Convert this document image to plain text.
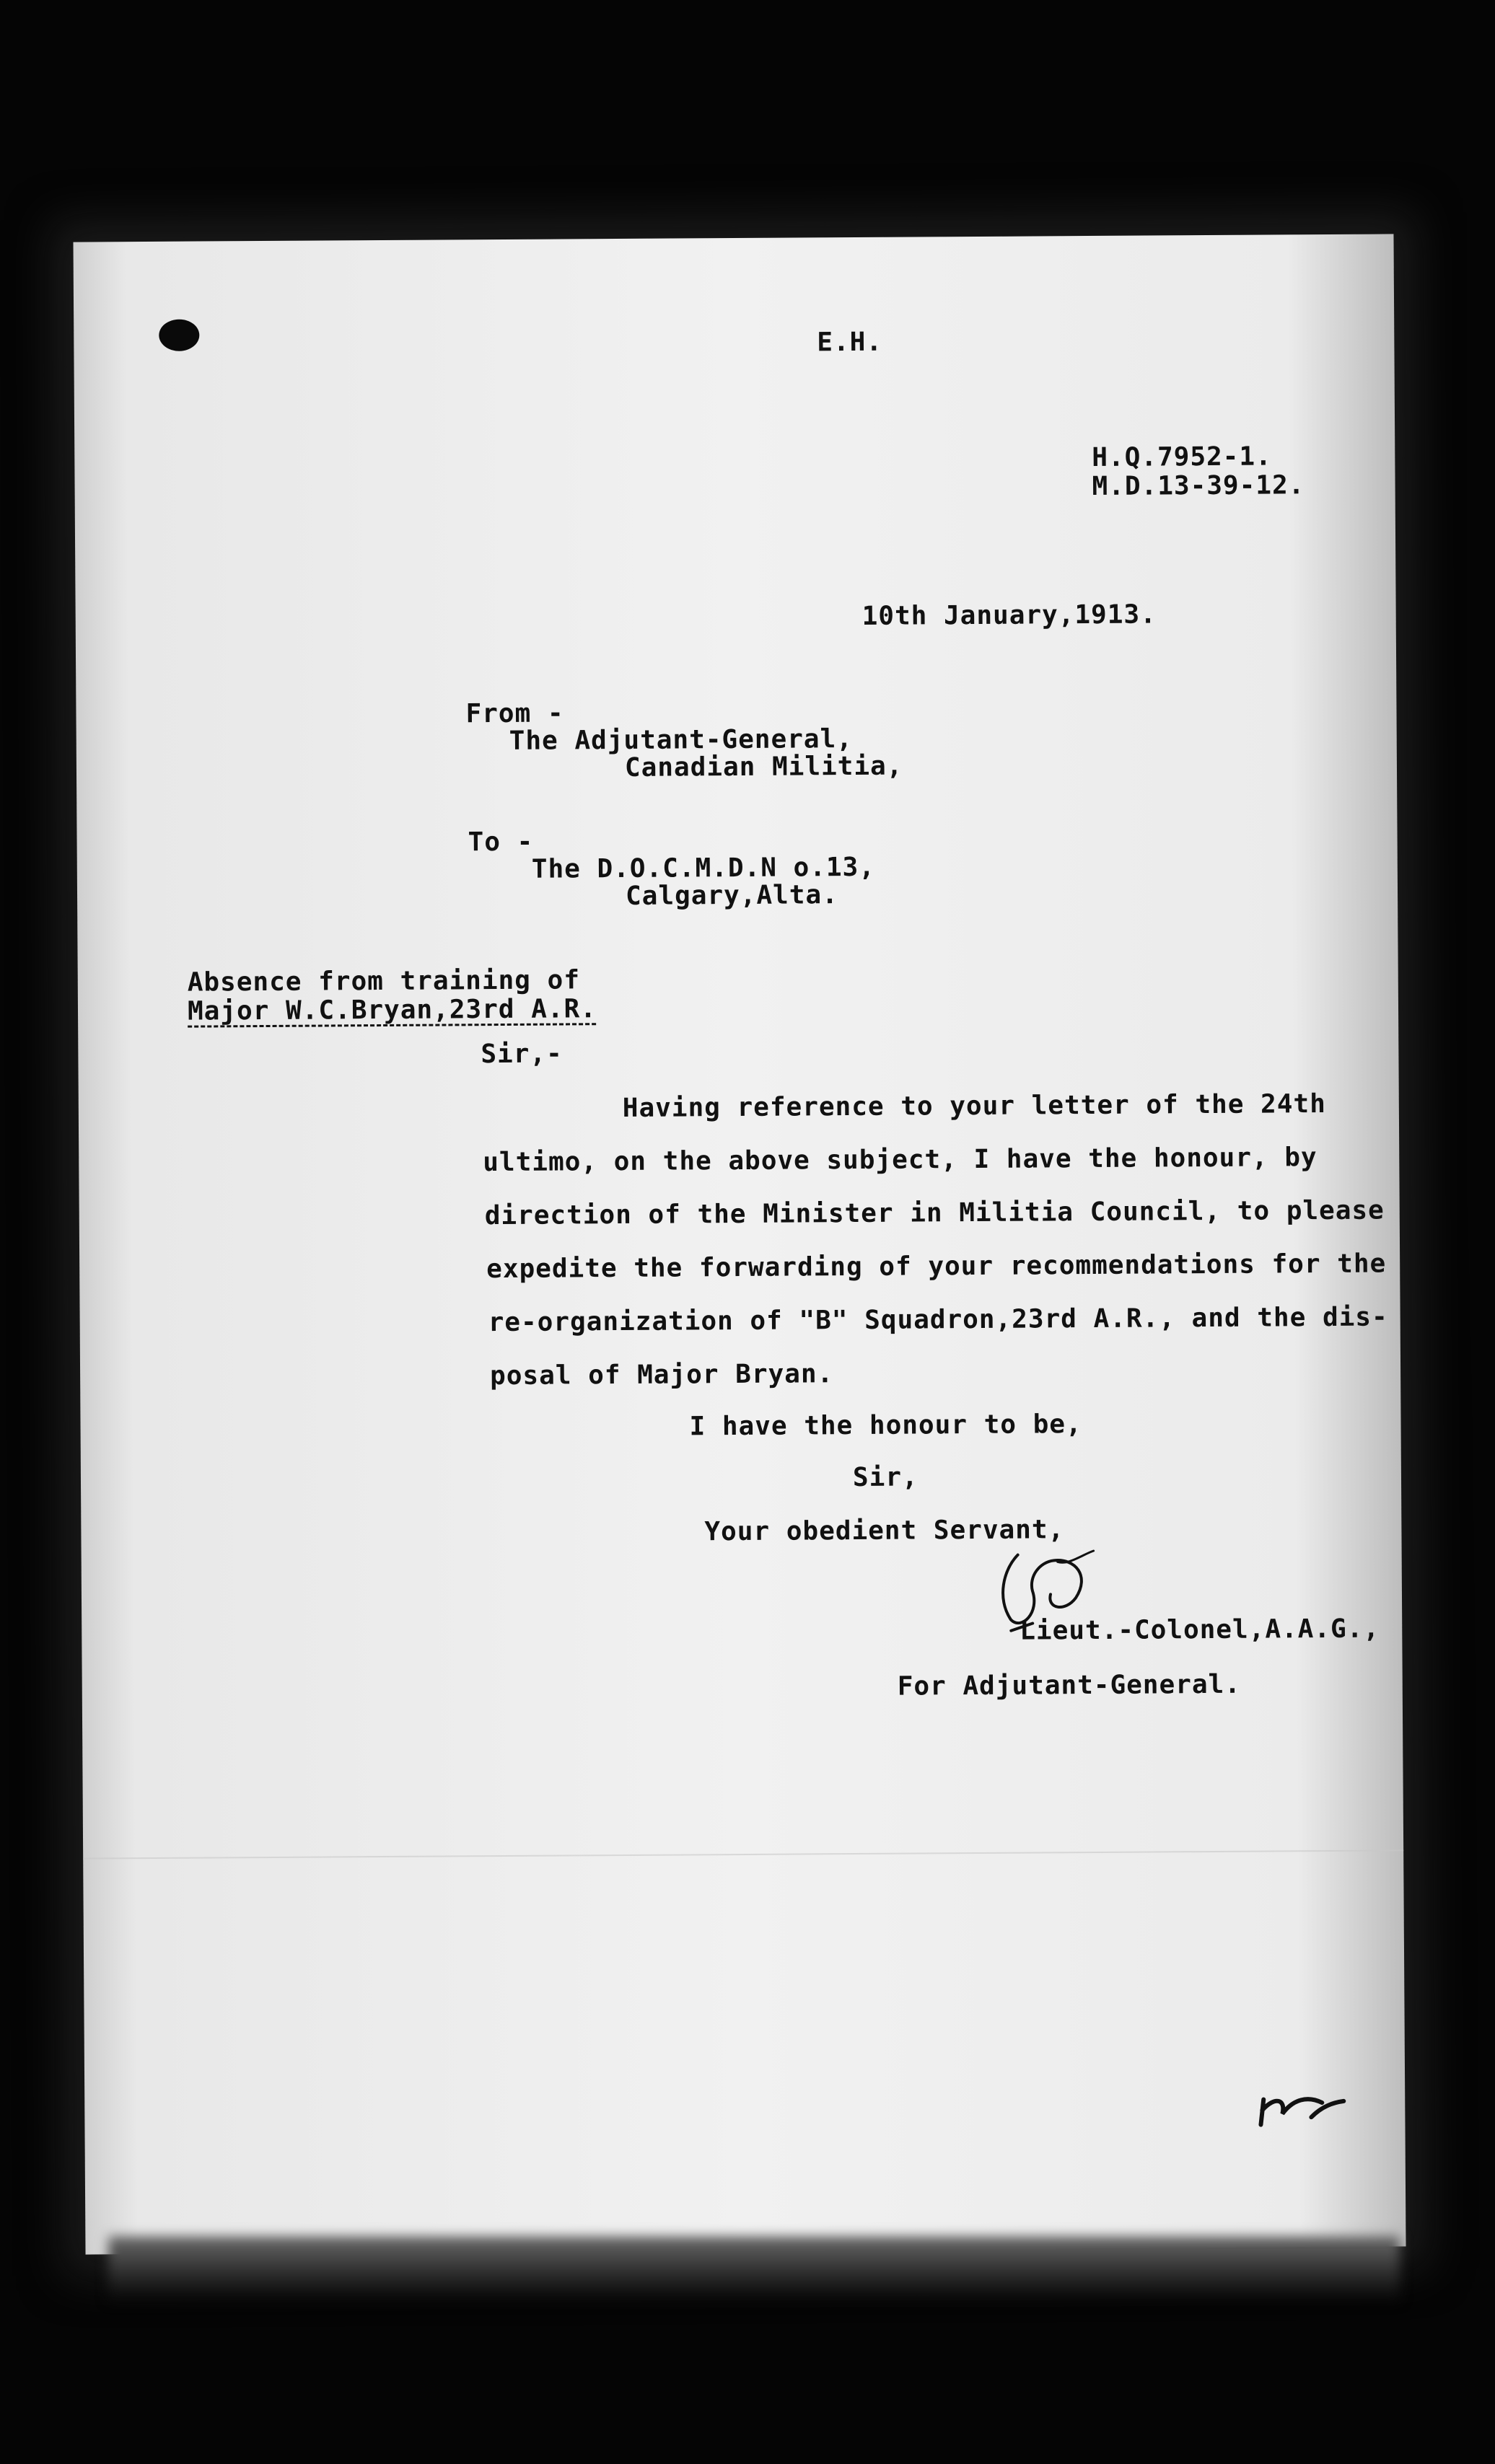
E.H.
H.Q.7952-1.
M.D.13-39-12.
10th January,1913.
From -
The Adjutant-General,
Canadian Militia,
To -
The D.O.C.M.D.N o.13,
Calgary,Alta.
Absence from training of
Major W.C.Bryan,23rd A.R.
Sir,-
Having reference to your letter of the 24th
ultimo, on the above subject, I have the honour, by
direction of the Minister in Militia Council, to please
expedite the forwarding of your recommendations for the
re-organization of "B" Squadron,23rd A.R., and the dis-
posal of Major Bryan.
I have the honour to be,
Sir,
Your obedient Servant,
Lieut.-Colonel,A.A.G.,
For Adjutant-General.
